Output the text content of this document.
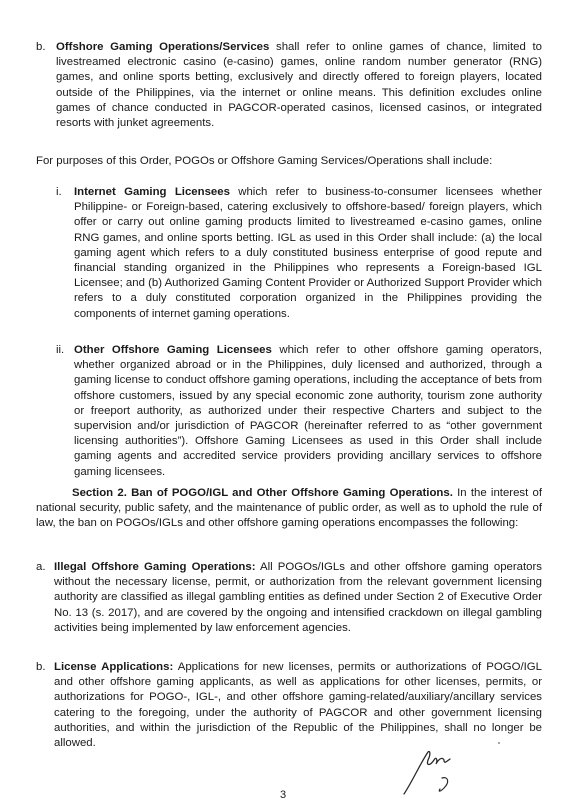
b. Offshore Gaming Operations/Services shall refer to online games of chance, limited to livestreamed electronic casino (e-casino) games, online random number generator (RNG) games, and online sports betting, exclusively and directly offered to foreign players, located outside of the Philippines, via the internet or online means. This definition excludes online games of chance conducted in PAGCOR-operated casinos, licensed casinos, or integrated resorts with junket agreements.
For purposes of this Order, POGOs or Offshore Gaming Services/Operations shall include:
i. Internet Gaming Licensees which refer to business-to-consumer licensees whether Philippine- or Foreign-based, catering exclusively to offshore-based/ foreign players, which offer or carry out online gaming products limited to livestreamed e-casino games, online RNG games, and online sports betting. IGL as used in this Order shall include: (a) the local gaming agent which refers to a duly constituted business enterprise of good repute and financial standing organized in the Philippines who represents a Foreign-based IGL Licensee; and (b) Authorized Gaming Content Provider or Authorized Support Provider which refers to a duly constituted corporation organized in the Philippines providing the components of internet gaming operations.
ii. Other Offshore Gaming Licensees which refer to other offshore gaming operators, whether organized abroad or in the Philippines, duly licensed and authorized, through a gaming license to conduct offshore gaming operations, including the acceptance of bets from offshore customers, issued by any special economic zone authority, tourism zone authority or freeport authority, as authorized under their respective Charters and subject to the supervision and/or jurisdiction of PAGCOR (hereinafter referred to as “other government licensing authorities”). Offshore Gaming Licensees as used in this Order shall include gaming agents and accredited service providers providing ancillary services to offshore gaming licensees.
Section 2. Ban of POGO/IGL and Other Offshore Gaming Operations. In the interest of national security, public safety, and the maintenance of public order, as well as to uphold the rule of law, the ban on POGOs/IGLs and other offshore gaming operations encompasses the following:
a. Illegal Offshore Gaming Operations: All POGOs/IGLs and other offshore gaming operators without the necessary license, permit, or authorization from the relevant government licensing authority are classified as illegal gambling entities as defined under Section 2 of Executive Order No. 13 (s. 2017), and are covered by the ongoing and intensified crackdown on illegal gambling activities being implemented by law enforcement agencies.
b. License Applications: Applications for new licenses, permits or authorizations of POGO/IGL and other offshore gaming applicants, as well as applications for other licenses, permits, or authorizations for POGO-, IGL-, and other offshore gaming-related/auxiliary/ancillary services catering to the foregoing, under the authority of PAGCOR and other government licensing authorities, and within the jurisdiction of the Republic of the Philippines, shall no longer be allowed.
3
